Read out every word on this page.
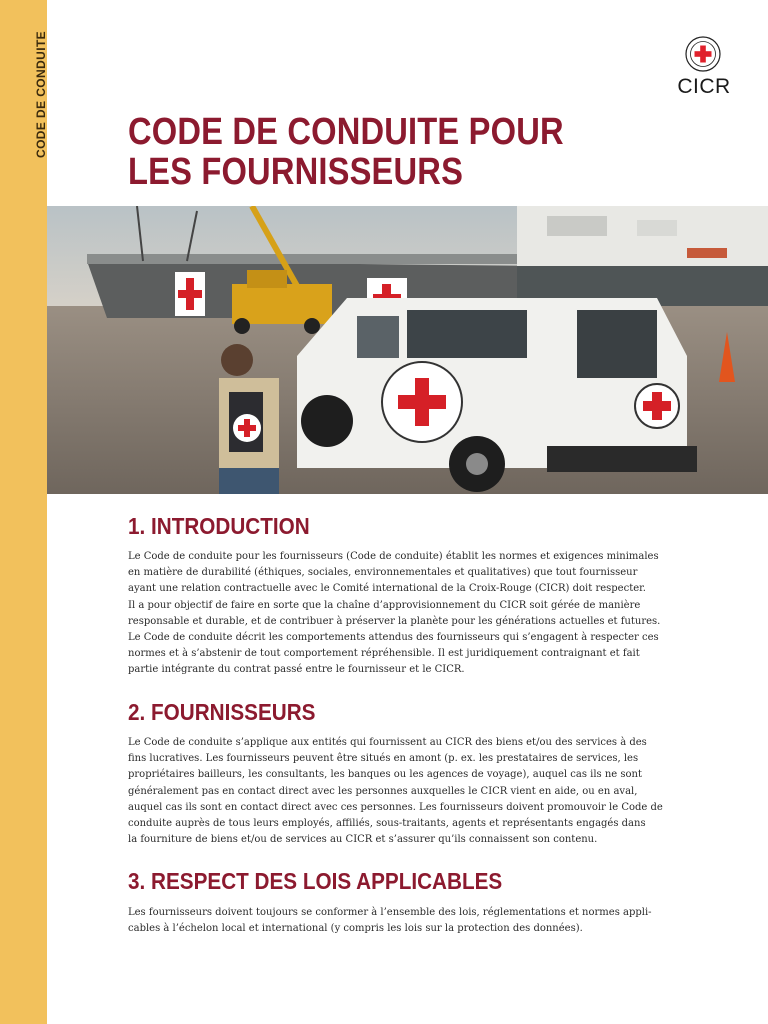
CODE DE CONDUITE	CICR
CODE DE CONDUITE POUR
LES FOURNISSEURS
1. INTRODUCTION

Le Code de conduite pour les fournisseurs (Code de conduite) établit les normes et exigences minimales
en matière de durabilité (éthiques, sociales, environnementales et qualitatives) que tout fournisseur
ayant une relation contractuelle avec le Comité international de la Croix-Rouge (CICR) doit respecter.
Il a pour objectif de faire en sorte que la chaîne d’approvisionnement du CICR soit gérée de manière
responsable et durable, et de contribuer à préserver la planète pour les générations actuelles et futures.
Le Code de conduite décrit les comportements attendus des fournisseurs qui s’engagent à respecter ces
normes et à s’abstenir de tout comportement répréhensible. Il est juridiquement contraignant et fait
partie intégrante du contrat passé entre le fournisseur et le CICR.

2. FOURNISSEURS

Le Code de conduite s’applique aux entités qui fournissent au CICR des biens et/ou des services à des
fins lucratives. Les fournisseurs peuvent être situés en amont (p. ex. les prestataires de services, les
propriétaires bailleurs, les consultants, les banques ou les agences de voyage), auquel cas ils ne sont
généralement pas en contact direct avec les personnes auxquelles le CICR vient en aide, ou en aval,
auquel cas ils sont en contact direct avec ces personnes. Les fournisseurs doivent promouvoir le Code de
conduite auprès de tous leurs employés, affiliés, sous-traitants, agents et représentants engagés dans
la fourniture de biens et/ou de services au CICR et s’assurer qu’ils connaissent son contenu.

3. RESPECT DES LOIS APPLICABLES

Les fournisseurs doivent toujours se conformer à l’ensemble des lois, réglementations et normes appli-
cables à l’échelon local et international (y compris les lois sur la protection des données).
